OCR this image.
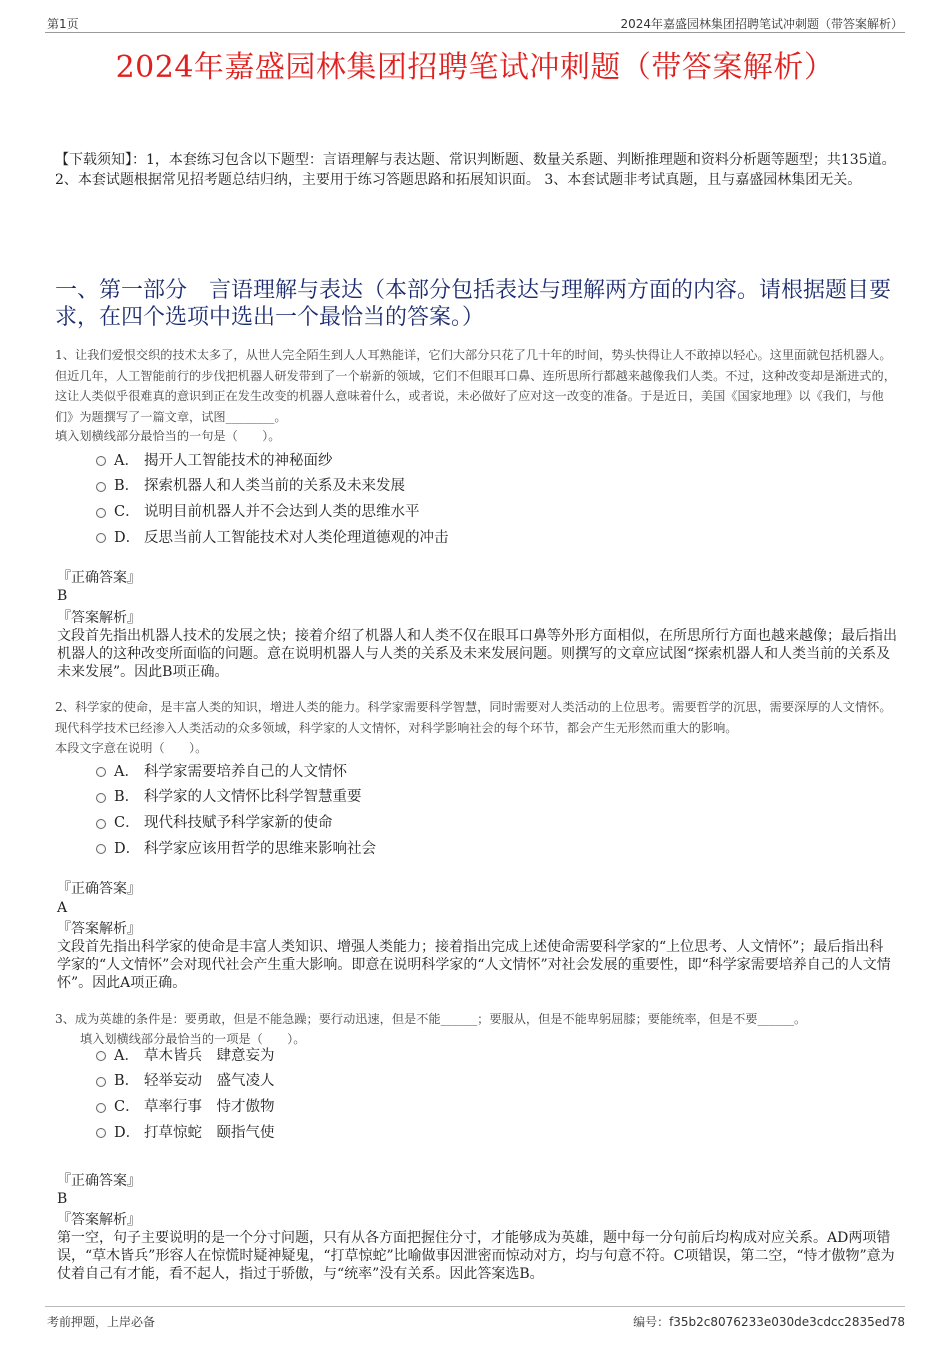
第1页	2024年嘉盛园林集团招聘笔试冲刺题（带答案解析）
2024年嘉盛园林集团招聘笔试冲刺题（带答案解析）
【下载须知】：1，本套练习包含以下题型：言语理解与表达题、常识判断题、数量关系题、判断推理题和资料分析题等题型；共135道。 2、本套试题根据常见招考题总结归纳，主要用于练习答题思路和拓展知识面。 3、本套试题非考试真题，且与嘉盛园林集团无关。
一、第一部分　言语理解与表达（本部分包括表达与理解两方面的内容。请根据题目要求，在四个选项中选出一个最恰当的答案。）
1、让我们爱恨交织的技术太多了，从世人完全陌生到人人耳熟能详，它们大部分只花了几十年的时间，势头快得让人不敢掉以轻心。这里面就包括机器人。但近几年，人工智能前行的步伐把机器人研发带到了一个崭新的领域，它们不但眼耳口鼻、连所思所行都越来越像我们人类。不过，这种改变却是渐进式的，这让人类似乎很难真的意识到正在发生改变的机器人意味着什么，或者说，未必做好了应对这一改变的准备。于是近日，美国《国家地理》以《我们，与他们》为题撰写了一篇文章，试图________。
填入划横线部分最恰当的一句是（　　）。
『正确答案』
B
『答案解析』
文段首先指出机器人技术的发展之快；接着介绍了机器人和人类不仅在眼耳口鼻等外形方面相似，在所思所行方面也越来越像；最后指出机器人的这种改变所面临的问题。意在说明机器人与人类的关系及未来发展问题。则撰写的文章应试图“探索机器人和人类当前的关系及未来发展”。因此B项正确。
2、科学家的使命，是丰富人类的知识，增进人类的能力。科学家需要科学智慧，同时需要对人类活动的上位思考。需要哲学的沉思，需要深厚的人文情怀。现代科学技术已经渗入人类活动的众多领域，科学家的人文情怀，对科学影响社会的每个环节，都会产生无形然而重大的影响。
本段文字意在说明（　　）。
『正确答案』
A
『答案解析』
文段首先指出科学家的使命是丰富人类知识、增强人类能力；接着指出完成上述使命需要科学家的“上位思考、人文情怀”；最后指出科学家的“人文情怀”会对现代社会产生重大影响。即意在说明科学家的“人文情怀”对社会发展的重要性，即“科学家需要培养自己的人文情怀”。因此A项正确。
3、成为英雄的条件是：要勇敢，但是不能急躁；要行动迅速，但是不能______；要服从，但是不能卑躬屈膝；要能统率，但是不要______。
填入划横线部分最恰当的一项是（　　）。
『正确答案』
B
『答案解析』
第一空，句子主要说明的是一个分寸问题，只有从各方面把握住分寸，才能够成为英雄，题中每一分句前后均构成对应关系。AD两项错误，“草木皆兵”形容人在惊慌时疑神疑鬼，“打草惊蛇”比喻做事因泄密而惊动对方，均与句意不符。C项错误，第二空，“恃才傲物”意为仗着自己有才能，看不起人，指过于骄傲，与“统率”没有关系。因此答案选B。
考前押题，上岸必备	编号：f35b2c8076233e030de3cdcc2835ed78
A． 揭开人工智能技术的神秘面纱
B． 探索机器人和人类当前的关系及未来发展
C． 说明目前机器人并不会达到人类的思维水平
D． 反思当前人工智能技术对人类伦理道德观的冲击
A． 科学家需要培养自己的人文情怀
B． 科学家的人文情怀比科学智慧重要
C． 现代科技赋予科学家新的使命
D． 科学家应该用哲学的思维来影响社会
A． 草木皆兵　肆意妄为
B． 轻举妄动　盛气凌人
C． 草率行事　恃才傲物
D． 打草惊蛇　颐指气使
